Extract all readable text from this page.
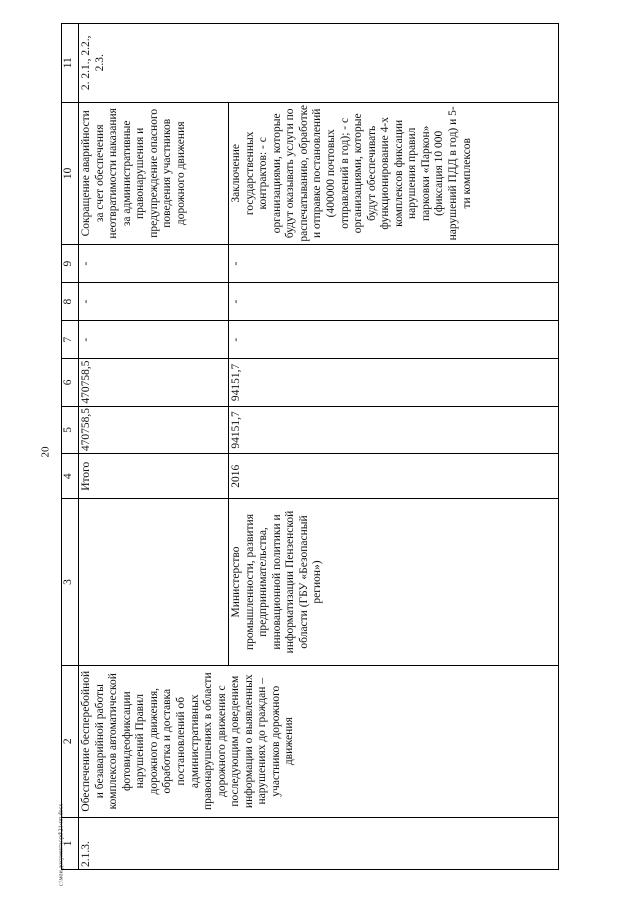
20
c:\мои документы\pd\21-пп.docx
1	2	3	4	5	6	7	8	9	10	11
2.1.3.	Обеспечение бесперебойной и безаварийной работы комплексов автоматической фотовидеофиксации нарушений Правил дорожного движения, обработка и доставка постановлений об административных правонарушениях в области дорожного движения с последующим доведением информации о выявленных нарушениях до граждан – участников дорожного движения		Итого	470758,5	470758,5	-	-	-	Сокращение аварийности за счет обеспечения неотвратимости наказания за административные правонарушения и предупреждение опасного поведения участников дорожного движения	2. 2.1., 2.2., 2.3.
		Министерство промышленности, развития предпринимательства, инновационной политики и информатизации Пензенской области (ГБУ «Безопасный регион»)	2016	94151,7	94151,7	-	-	-	Заключение государственных контрактов: - с организациями, которые будут оказывать услуги по распечатыванию, обработке и отправке постановлений (400000 почтовых отправлений в год); - с организациями, которые будут обеспечивать функционирование 4-х комплексов фиксации нарушения правил парковки «Паркон» (фиксация 10 000 нарушений ПДД в год) и 5-ти комплексов	
